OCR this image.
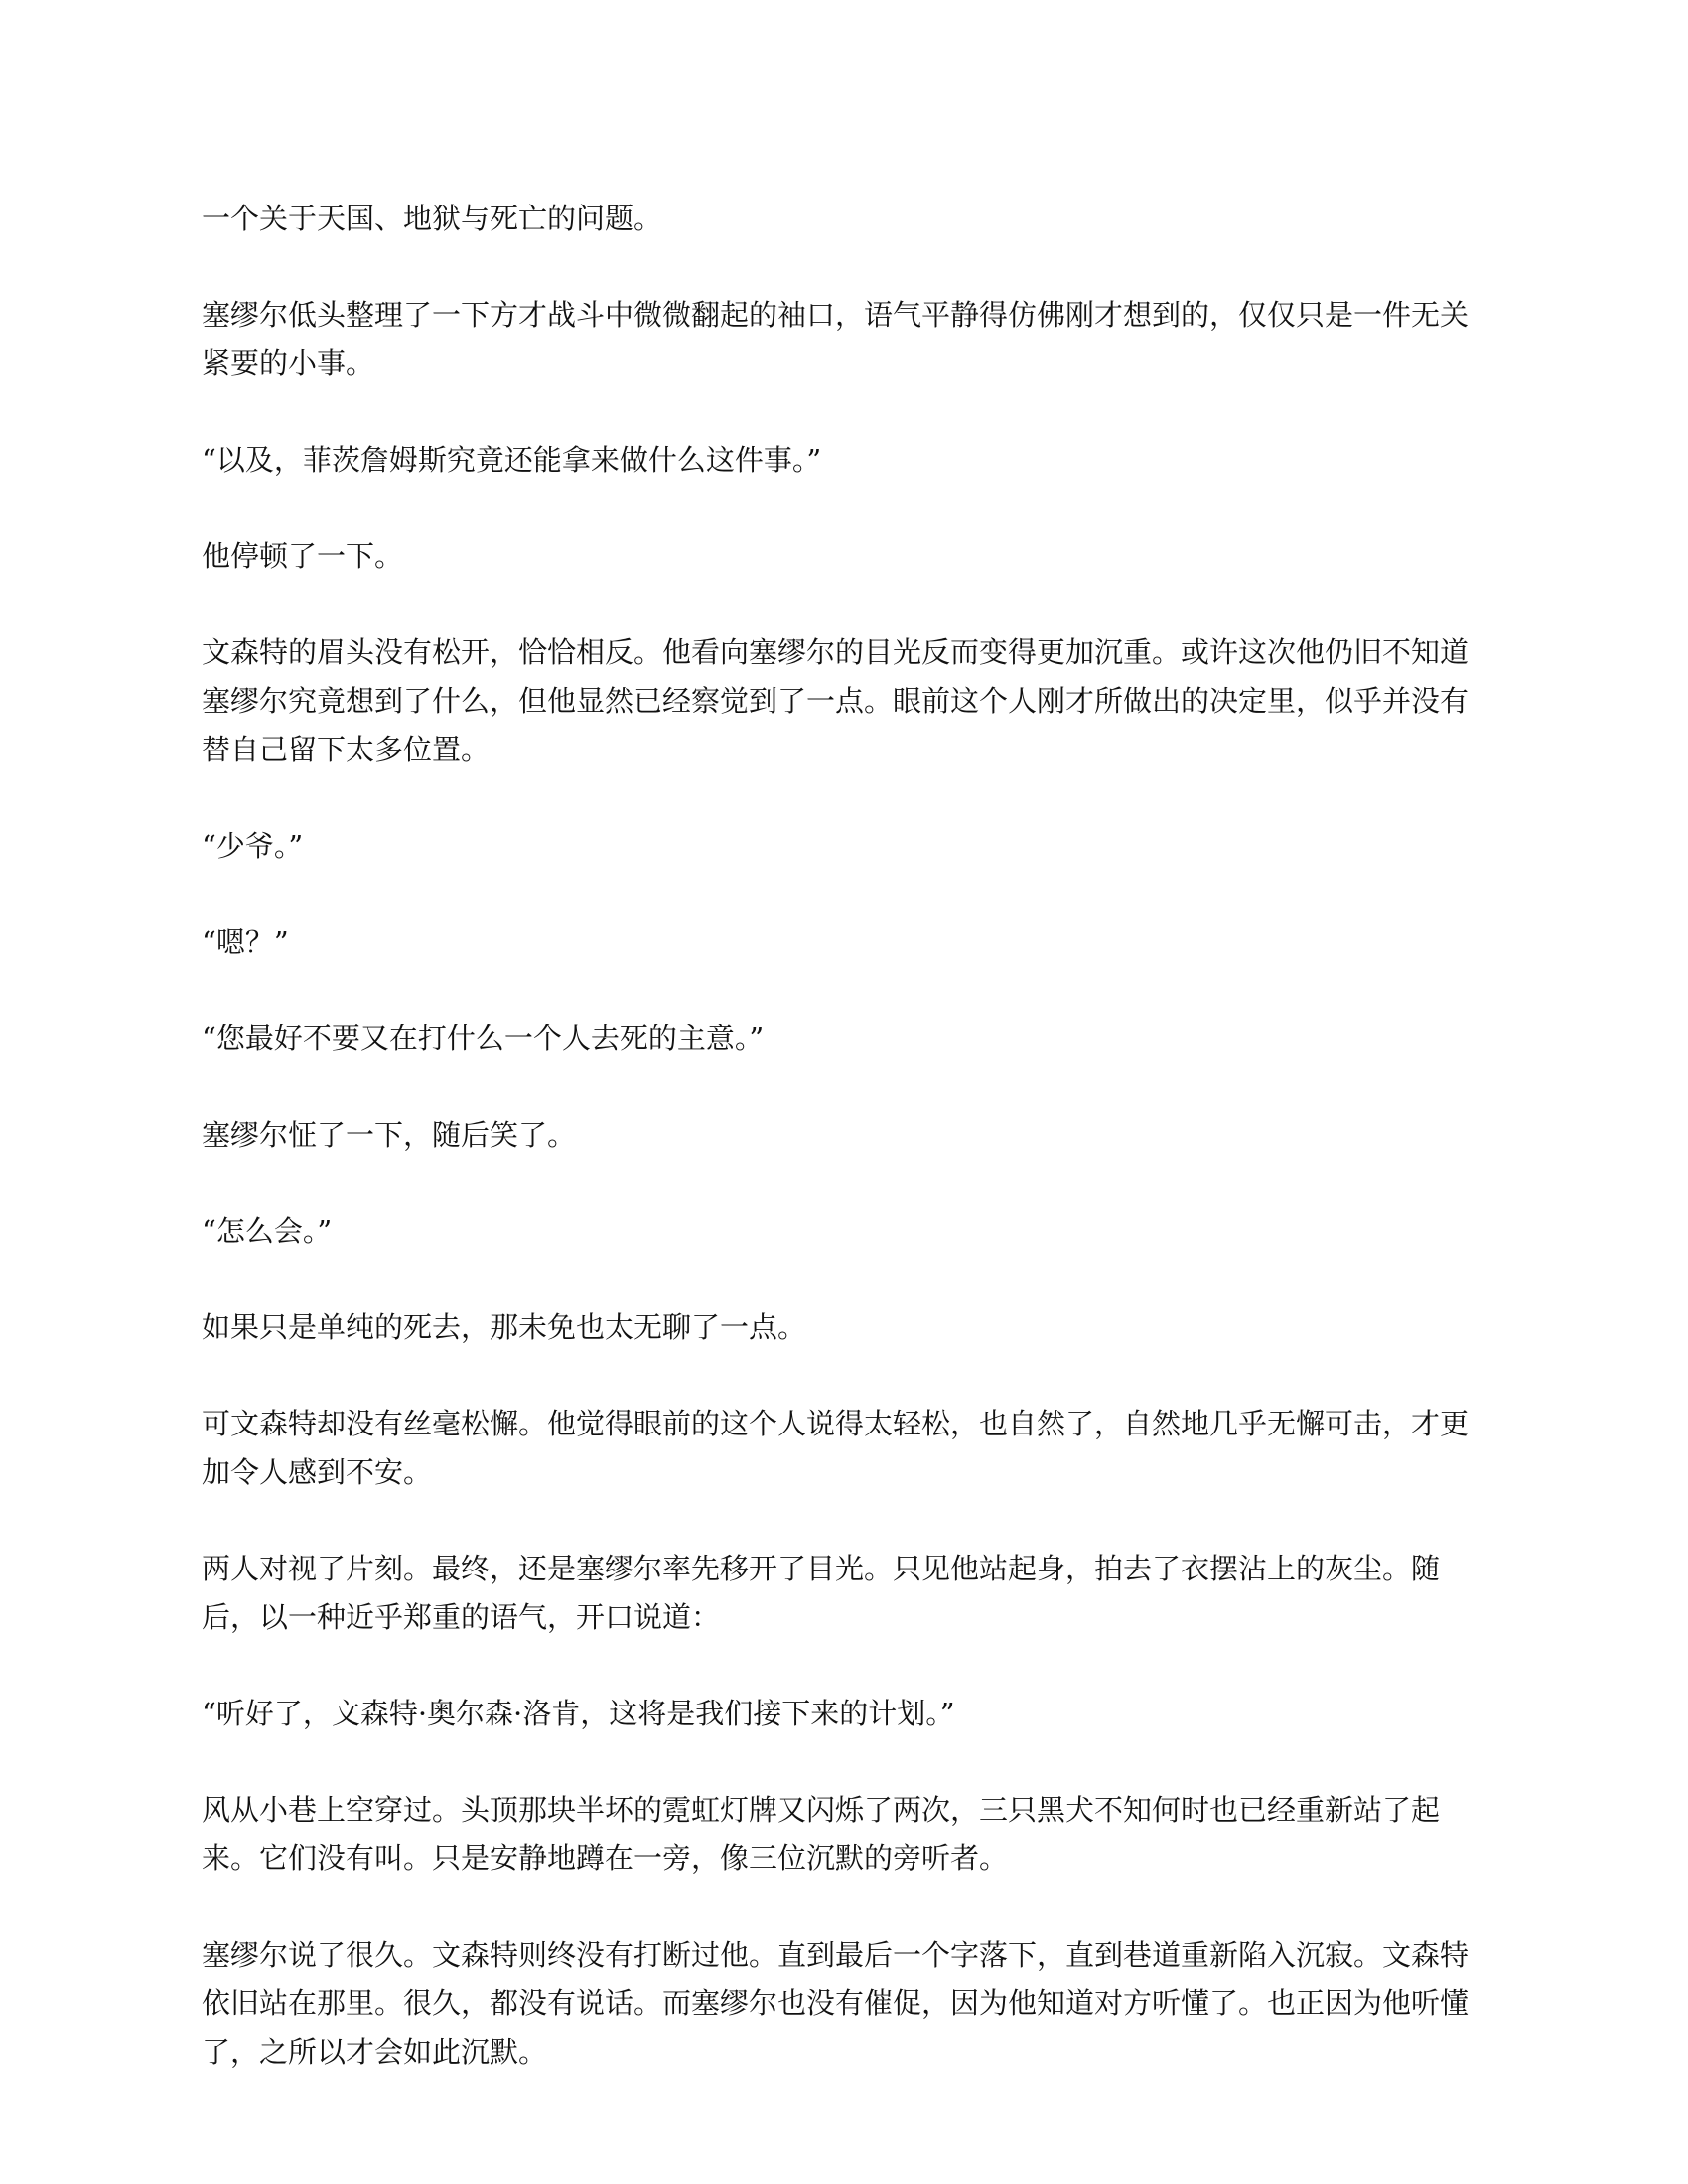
一个关于天国、地狱与死亡的问题。

塞缪尔低头整理了一下方才战斗中微微翻起的袖口，语气平静得仿佛刚才想到的，仅仅只是一件无关紧要的小事。

“以及，菲茨詹姆斯究竟还能拿来做什么这件事。”

他停顿了一下。

文森特的眉头没有松开，恰恰相反。他看向塞缪尔的目光反而变得更加沉重。或许这次他仍旧不知道塞缪尔究竟想到了什么，但他显然已经察觉到了一点。眼前这个人刚才所做出的决定里，似乎并没有替自己留下太多位置。

“少爷。”

“嗯？”

“您最好不要又在打什么一个人去死的主意。”

塞缪尔怔了一下，随后笑了。

“怎么会。”

如果只是单纯的死去，那未免也太无聊了一点。

可文森特却没有丝毫松懈。他觉得眼前的这个人说得太轻松，也自然了，自然地几乎无懈可击，才更加令人感到不安。

两人对视了片刻。最终，还是塞缪尔率先移开了目光。只见他站起身，拍去了衣摆沾上的灰尘。随后，以一种近乎郑重的语气，开口说道：

“听好了，文森特·奥尔森·洛肯，这将是我们接下来的计划。”

风从小巷上空穿过。头顶那块半坏的霓虹灯牌又闪烁了两次，三只黑犬不知何时也已经重新站了起来。它们没有叫。只是安静地蹲在一旁，像三位沉默的旁听者。

塞缪尔说了很久。文森特则终没有打断过他。直到最后一个字落下，直到巷道重新陷入沉寂。文森特依旧站在那里。很久，都没有说话。而塞缪尔也没有催促，因为他知道对方听懂了。也正因为他听懂了，之所以才会如此沉默。
